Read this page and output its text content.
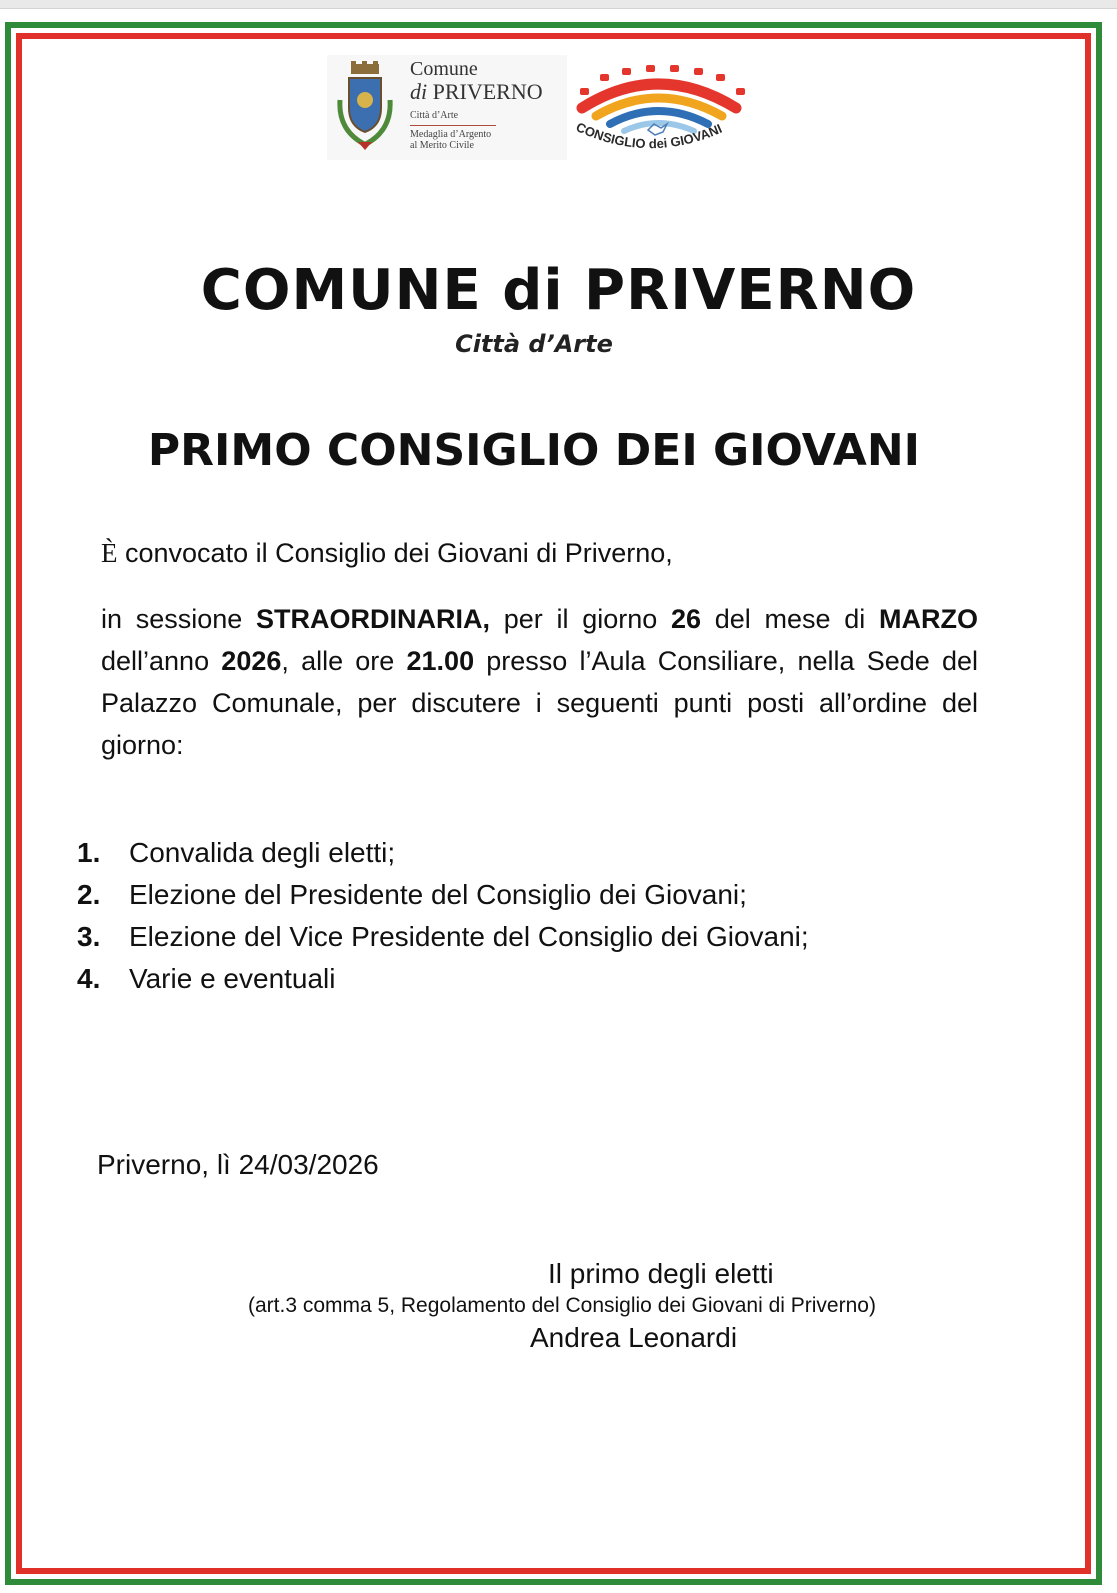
Comune
di PRIVERNO
Città d’Arte
Medaglia d’Argento
al Merito Civile
CONSIGLIO dei GIOVANI
COMUNE di PRIVERNO
Città d’Arte
PRIMO CONSIGLIO DEI GIOVANI
È convocato il Consiglio dei Giovani di Priverno,
in sessione STRAORDINARIA, per il giorno 26 del mese di MARZO dell’anno 2026, alle ore 21.00 presso l’Aula Consiliare, nella Sede del Palazzo Comunale, per discutere i seguenti punti posti all’ordine del giorno:
1.	Convalida degli eletti;
2.	Elezione del Presidente del Consiglio dei Giovani;
3.	Elezione del Vice Presidente del Consiglio dei Giovani;
4.	Varie e eventuali
Priverno, lì 24/03/2026
Il primo degli eletti
(art.3 comma 5, Regolamento del Consiglio dei Giovani di Priverno)
Andrea Leonardi
